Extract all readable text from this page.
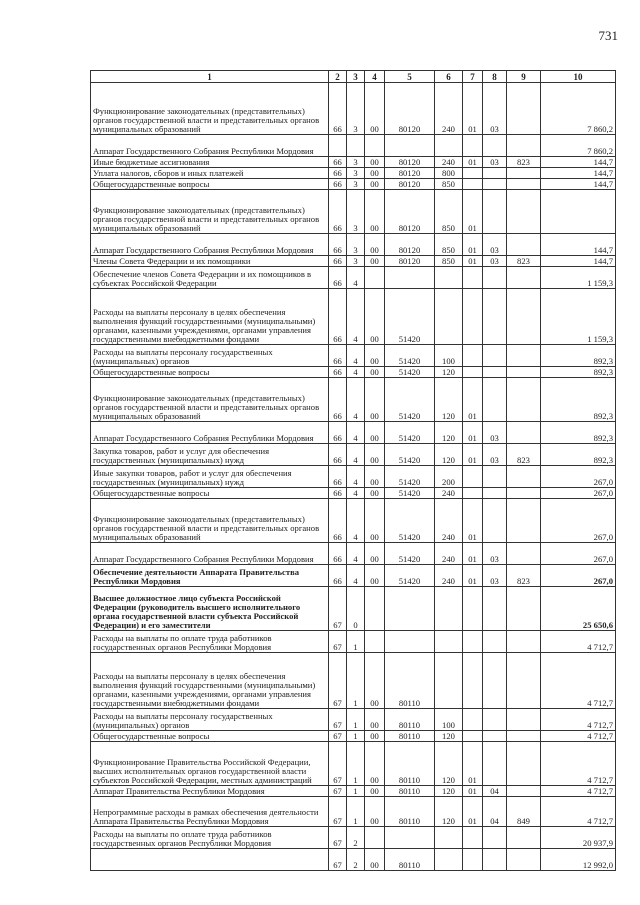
731
1	2	3	4	5	6	7	8	9	10
Функционирование законодательных (представительных) органов государственной власти и представительных органов муниципальных образований	66	3	00	80120	240	01	03		7 860,2
Аппарат Государственного Собрания Республики Мордовия									7 860,2
Иные бюджетные ассигнования	66	3	00	80120	240	01	03	823	144,7
Уплата налогов, сборов и иных платежей	66	3	00	80120	800				144,7
Общегосударственные вопросы	66	3	00	80120	850				144,7
Функционирование законодательных (представительных) органов государственной власти и представительных органов муниципальных образований	66	3	00	80120	850	01			
Аппарат Государственного Собрания Республики Мордовия	66	3	00	80120	850	01	03		144,7
Члены Совета Федерации и их помощники	66	3	00	80120	850	01	03	823	144,7
Обеспечение членов Совета Федерации и их помощников в субъектах Российской Федерации	66	4							1 159,3
Расходы на выплаты персоналу в целях обеспечения выполнения функций государственными (муниципальными) органами, казенными учреждениями, органами управления государственными внебюджетными фондами	66	4	00	51420					1 159,3
Расходы на выплаты персоналу государственных (муниципальных) органов	66	4	00	51420	100				892,3
Общегосударственные вопросы	66	4	00	51420	120				892,3
Функционирование законодательных (представительных) органов государственной власти и представительных органов муниципальных образований	66	4	00	51420	120	01			892,3
Аппарат Государственного Собрания Республики Мордовия	66	4	00	51420	120	01	03		892,3
Закупка товаров, работ и услуг для обеспечения государственных (муниципальных) нужд	66	4	00	51420	120	01	03	823	892,3
Иные закупки товаров, работ и услуг для обеспечения государственных (муниципальных) нужд	66	4	00	51420	200				267,0
Общегосударственные вопросы	66	4	00	51420	240				267,0
Функционирование законодательных (представительных) органов государственной власти и представительных органов муниципальных образований	66	4	00	51420	240	01			267,0
Аппарат Государственного Собрания Республики Мордовия	66	4	00	51420	240	01	03		267,0
Обеспечение деятельности Аппарата Правительства Республики Мордовия	66	4	00	51420	240	01	03	823	267,0
Высшее должностное лицо субъекта Российской Федерации (руководитель высшего исполнительного органа государственной власти субъекта Российской Федерации) и его заместители	67	0							25 650,6
Расходы на выплаты по оплате труда работников государственных органов Республики Мордовия	67	1							4 712,7
Расходы на выплаты персоналу в целях обеспечения выполнения функций государственными (муниципальными) органами, казенными учреждениями, органами управления государственными внебюджетными фондами	67	1	00	80110					4 712,7
Расходы на выплаты персоналу государственных (муниципальных) органов	67	1	00	80110	100				4 712,7
Общегосударственные вопросы	67	1	00	80110	120				4 712,7
Функционирование Правительства Российской Федерации, высших исполнительных органов государственной власти субъектов Российской Федерации, местных администраций	67	1	00	80110	120	01			4 712,7
Аппарат Правительства Республики Мордовия	67	1	00	80110	120	01	04		4 712,7
Непрограммные расходы в рамках обеспечения деятельности Аппарата Правительства Республики Мордовия	67	1	00	80110	120	01	04	849	4 712,7
Расходы на выплаты по оплате труда работников государственных органов Республики Мордовия	67	2							20 937,9
	67	2	00	80110					12 992,0
